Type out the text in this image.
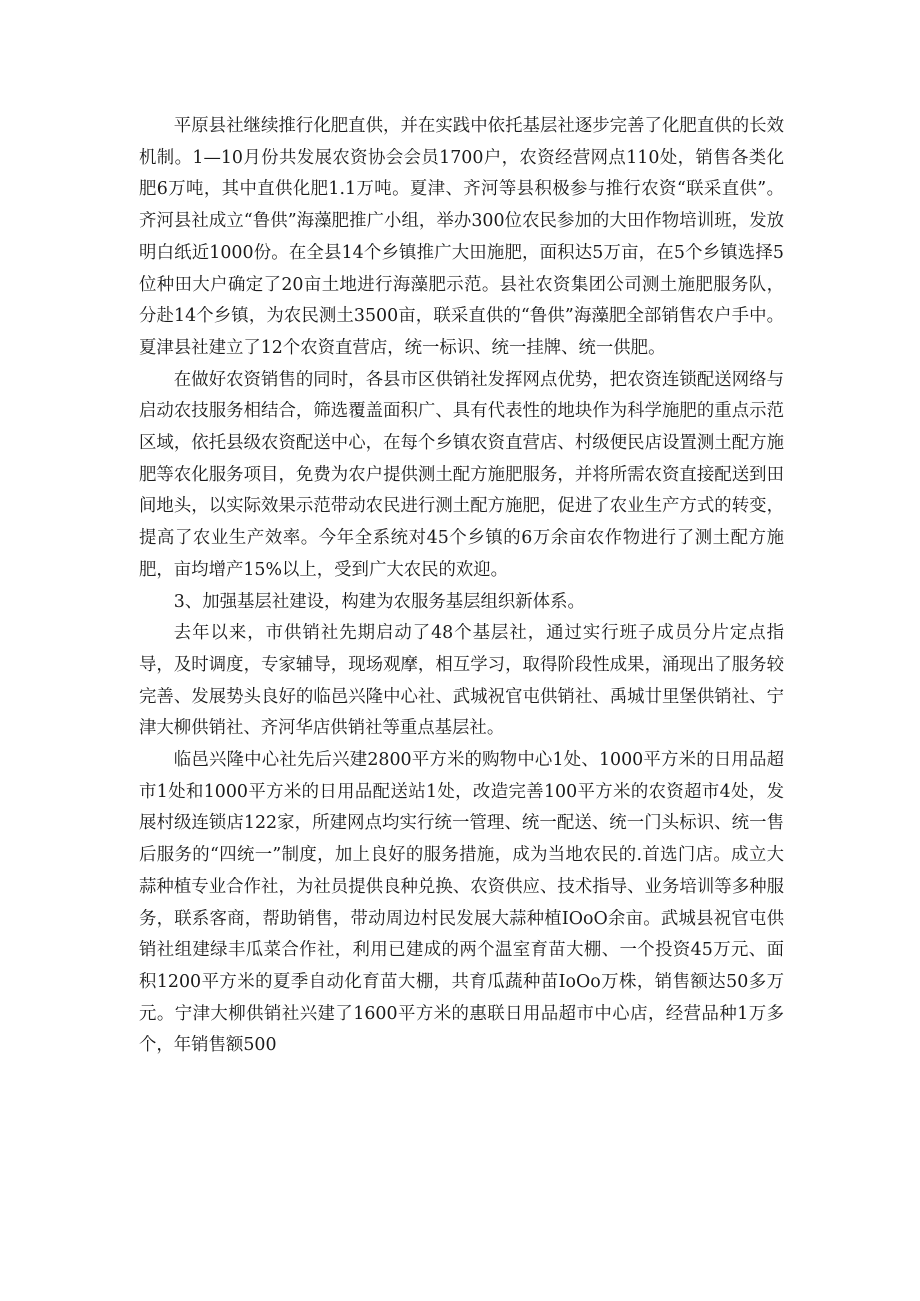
平原县社继续推行化肥直供，并在实践中依托基层社逐步完善了化肥直供的长效机制。1—10月份共发展农资协会会员1700户，农资经营网点110处，销售各类化肥6万吨，其中直供化肥1.1万吨。夏津、齐河等县积极参与推行农资“联采直供”。齐河县社成立“鲁供”海藻肥推广小组，举办300位农民参加的大田作物培训班，发放明白纸近1000份。在全县14个乡镇推广大田施肥，面积达5万亩，在5个乡镇选择5位种田大户确定了20亩土地进行海藻肥示范。县社农资集团公司测土施肥服务队，分赴14个乡镇，为农民测土3500亩，联采直供的“鲁供”海藻肥全部销售农户手中。夏津县社建立了12个农资直营店，统一标识、统一挂牌、统一供肥。

在做好农资销售的同时，各县市区供销社发挥网点优势，把农资连锁配送网络与启动农技服务相结合，筛选覆盖面积广、具有代表性的地块作为科学施肥的重点示范区域，依托县级农资配送中心，在每个乡镇农资直营店、村级便民店设置测土配方施肥等农化服务项目，免费为农户提供测土配方施肥服务，并将所需农资直接配送到田间地头，以实际效果示范带动农民进行测土配方施肥，促进了农业生产方式的转变，提高了农业生产效率。今年全系统对45个乡镇的6万余亩农作物进行了测土配方施肥，亩均增产15%以上，受到广大农民的欢迎。

3、加强基层社建设，构建为农服务基层组织新体系。

去年以来，市供销社先期启动了48个基层社，通过实行班子成员分片定点指导，及时调度，专家辅导，现场观摩，相互学习，取得阶段性成果，涌现出了服务较完善、发展势头良好的临邑兴隆中心社、武城祝官屯供销社、禹城廿里堡供销社、宁津大柳供销社、齐河华店供销社等重点基层社。

临邑兴隆中心社先后兴建2800平方米的购物中心1处、1000平方米的日用品超市1处和1000平方米的日用品配送站1处，改造完善100平方米的农资超市4处，发展村级连锁店122家，所建网点均实行统一管理、统一配送、统一门头标识、统一售后服务的“四统一”制度，加上良好的服务措施，成为当地农民的.首选门店。成立大蒜种植专业合作社，为社员提供良种兑换、农资供应、技术指导、业务培训等多种服务，联系客商，帮助销售，带动周边村民发展大蒜种植IOoO余亩。武城县祝官屯供销社组建绿丰瓜菜合作社，利用已建成的两个温室育苗大棚、一个投资45万元、面积1200平方米的夏季自动化育苗大棚，共育瓜蔬种苗IoOo万株，销售额达50多万元。宁津大柳供销社兴建了1600平方米的惠联日用品超市中心店，经营品种1万多个，年销售额500
